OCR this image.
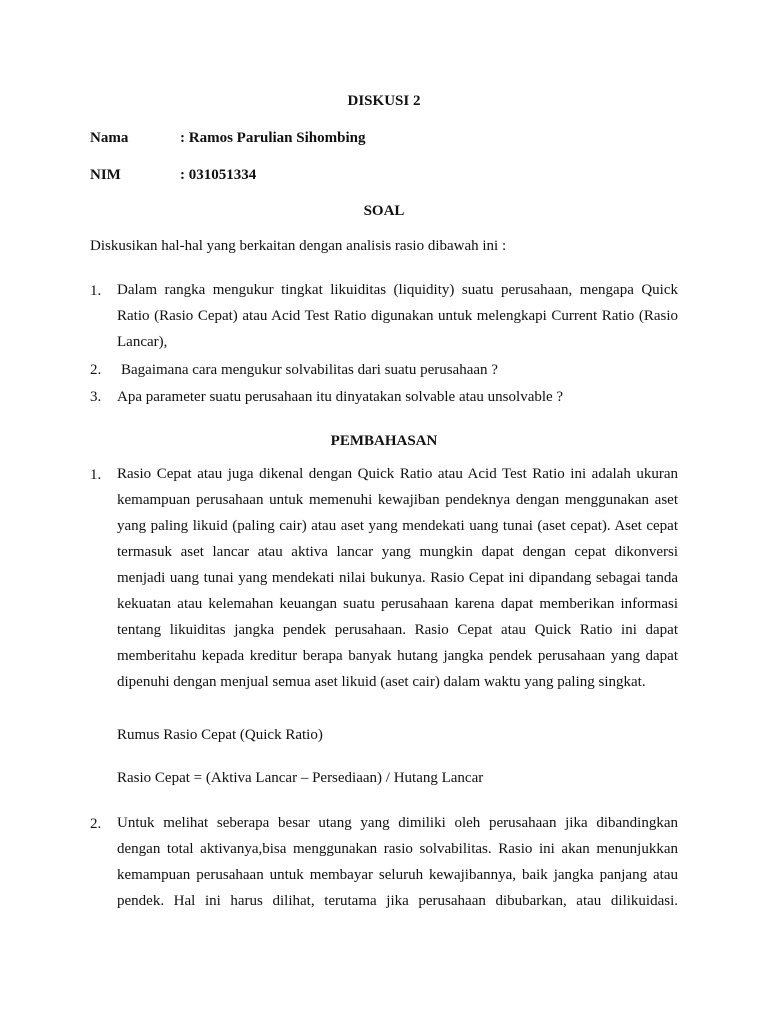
DISKUSI 2
Nama	: Ramos Parulian Sihombing
NIM	: 031051334
SOAL
Diskusikan hal-hal yang berkaitan dengan analisis rasio dibawah ini :
1. Dalam rangka mengukur tingkat likuiditas (liquidity) suatu perusahaan, mengapa Quick
Ratio (Rasio Cepat) atau Acid Test Ratio digunakan untuk melengkapi Current Ratio (Rasio
Lancar),
2. Bagaimana cara mengukur solvabilitas dari suatu perusahaan ?
3. Apa parameter suatu perusahaan itu dinyatakan solvable atau unsolvable ?
PEMBAHASAN
1. Rasio Cepat atau juga dikenal dengan Quick Ratio atau Acid Test Ratio ini adalah ukuran
kemampuan perusahaan untuk memenuhi kewajiban pendeknya dengan menggunakan aset
yang paling likuid (paling cair) atau aset yang mendekati uang tunai (aset cepat). Aset cepat
termasuk aset lancar atau aktiva lancar yang mungkin dapat dengan cepat dikonversi
menjadi uang tunai yang mendekati nilai bukunya. Rasio Cepat ini dipandang sebagai tanda
kekuatan atau kelemahan keuangan suatu perusahaan karena dapat memberikan informasi
tentang likuiditas jangka pendek perusahaan. Rasio Cepat atau Quick Ratio ini dapat
memberitahu kepada kreditur berapa banyak hutang jangka pendek perusahaan yang dapat
dipenuhi dengan menjual semua aset likuid (aset cair) dalam waktu yang paling singkat.
Rumus Rasio Cepat (Quick Ratio)
Rasio Cepat = (Aktiva Lancar – Persediaan) / Hutang Lancar
2. Untuk melihat seberapa besar utang yang dimiliki oleh perusahaan jika dibandingkan
dengan total aktivanya,bisa menggunakan rasio solvabilitas. Rasio ini akan menunjukkan
kemampuan perusahaan untuk membayar seluruh kewajibannya, baik jangka panjang atau
pendek. Hal ini harus dilihat, terutama jika perusahaan dibubarkan, atau dilikuidasi.
